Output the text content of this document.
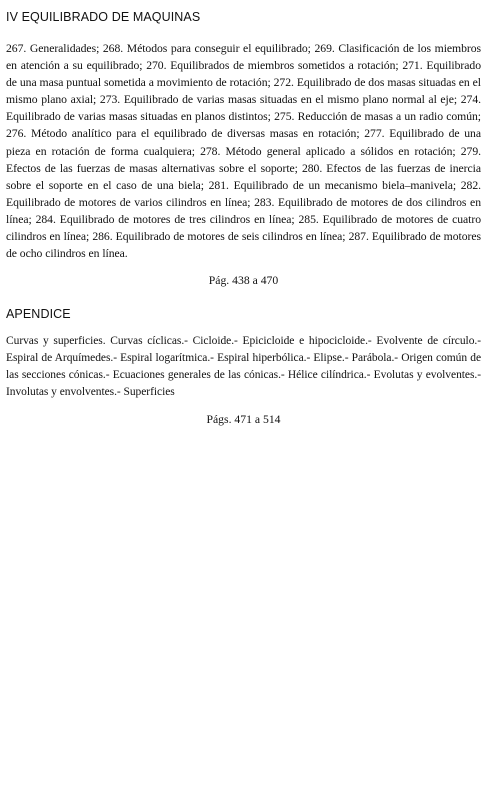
IV EQUILIBRADO DE MAQUINAS

267. Generalidades; 268. Métodos para conseguir el equilibrado; 269. Clasificación de los miembros en atención a su equilibrado; 270. Equilibrados de miembros sometidos a rotación; 271. Equilibrado de una masa puntual sometida a movimiento de rotación; 272. Equilibrado de dos masas situadas en el mismo plano axial; 273. Equilibrado de varias masas situadas en el mismo plano normal al eje; 274. Equilibrado de varias masas situadas en planos distintos; 275. Reducción de masas a un radio común; 276. Método analítico para el equilibrado de diversas masas en rotación; 277. Equilibrado de una pieza en rotación de forma cualquiera; 278. Método general aplicado a sólidos en rotación; 279. Efectos de las fuerzas de masas alternativas sobre el soporte; 280. Efectos de las fuerzas de inercia sobre el soporte en el caso de una biela; 281. Equilibrado de un mecanismo biela–manivela; 282. Equilibrado de motores de varios cilindros en línea; 283. Equilibrado de motores de dos cilindros en línea; 284. Equilibrado de motores de tres cilindros en línea; 285. Equilibrado de motores de cuatro cilindros en línea; 286. Equilibrado de motores de seis cilindros en línea; 287. Equilibrado de motores de ocho cilindros en línea.

Pág. 438 a 470
APENDICE

Curvas y superficies. Curvas cíclicas.- Cicloide.- Epicicloide e hipocicloide.- Evolvente de círculo.- Espiral de Arquímedes.- Espiral logarítmica.- Espiral hiperbólica.- Elipse.- Parábola.- Origen común de las secciones cónicas.- Ecuaciones generales de las cónicas.- Hélice cilíndrica.- Evolutas y evolventes.- Involutas y envolventes.- Superficies

Págs. 471 a 514
